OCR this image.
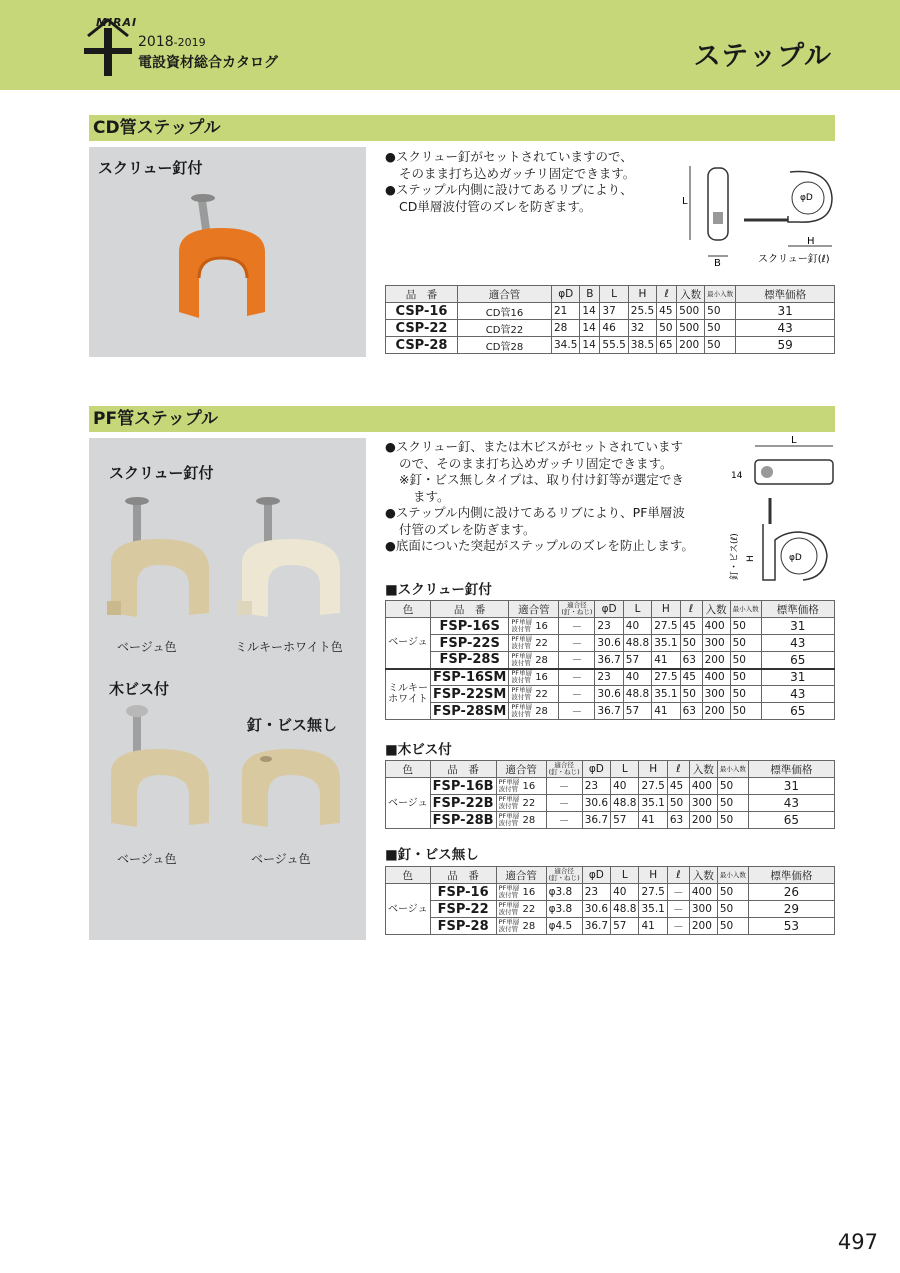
MIRAI
2018-2019
電設資材総合カタログ	ステップル
CD管ステップル
スクリュー釘付

●スクリュー釘がセットされていますので、

そのまま打ち込めガッチリ固定できます。

●ステップル内側に設けてあるリブにより、

CD単層波付管のズレを防ぎます。	L
B
φD
H
スクリュー釘(ℓ)
品　番	適合管	φD	B	L	H	ℓ	入数	最小入数	標準価格
CSP-16	CD管16	21	14	37	25.5	45	500	50	31
CSP-22	CD管22	28	14	46	32	50	500	50	43
CSP-28	CD管28	34.5	14	55.5	38.5	65	200	50	59
PF管ステップル
スクリュー釘付
ベージュ色	ミルキーホワイト色
木ビス付
釘・ビス無し
ベージュ色	ベージュ色

●スクリュー釘、または木ビスがセットされています

ので、そのまま打ち込めガッチリ固定できます。

※釘・ビス無しタイプは、取り付け釘等が選定でき

ます。

●ステップル内側に設けてあるリブにより、PF単層波

付管のズレを防ぎます。

●底面についた突起がステップルのズレを防止します。

L
14
φD
釘・ビス(ℓ) H
■スクリュー釘付
色	品　番	適合管	適合径
(釘・ねじ)	φD	L	H	ℓ	入数	最小入数	標準価格
ベージュ	FSP-16S	PF単層
波付管 16	－	23	40	27.5	45	400	50	31
	FSP-22S	PF単層
波付管 22	－	30.6	48.8	35.1	50	300	50	43
	FSP-28S	PF単層
波付管 28	－	36.7	57	41	63	200	50	65
ミルキー
ホワイト	FSP-16SM	PF単層
波付管 16	－	23	40	27.5	45	400	50	31
	FSP-22SM	PF単層
波付管 22	－	30.6	48.8	35.1	50	300	50	43
	FSP-28SM	PF単層
波付管 28	－	36.7	57	41	63	200	50	65
■木ビス付
色	品　番	適合管	適合径
(釘・ねじ)	φD	L	H	ℓ	入数	最小入数	標準価格
ベージュ	FSP-16B	PF単層
波付管 16	－	23	40	27.5	45	400	50	31
	FSP-22B	PF単層
波付管 22	－	30.6	48.8	35.1	50	300	50	43
	FSP-28B	PF単層
波付管 28	－	36.7	57	41	63	200	50	65
■釘・ビス無し
色	品　番	適合管	適合径
(釘・ねじ)	φD	L	H	ℓ	入数	最小入数	標準価格
ベージュ	FSP-16	PF単層
波付管 16	φ3.8	23	40	27.5	－	400	50	26
	FSP-22	PF単層
波付管 22	φ3.8	30.6	48.8	35.1	－	300	50	29
	FSP-28	PF単層
波付管 28	φ4.5	36.7	57	41	－	200	50	53
497
